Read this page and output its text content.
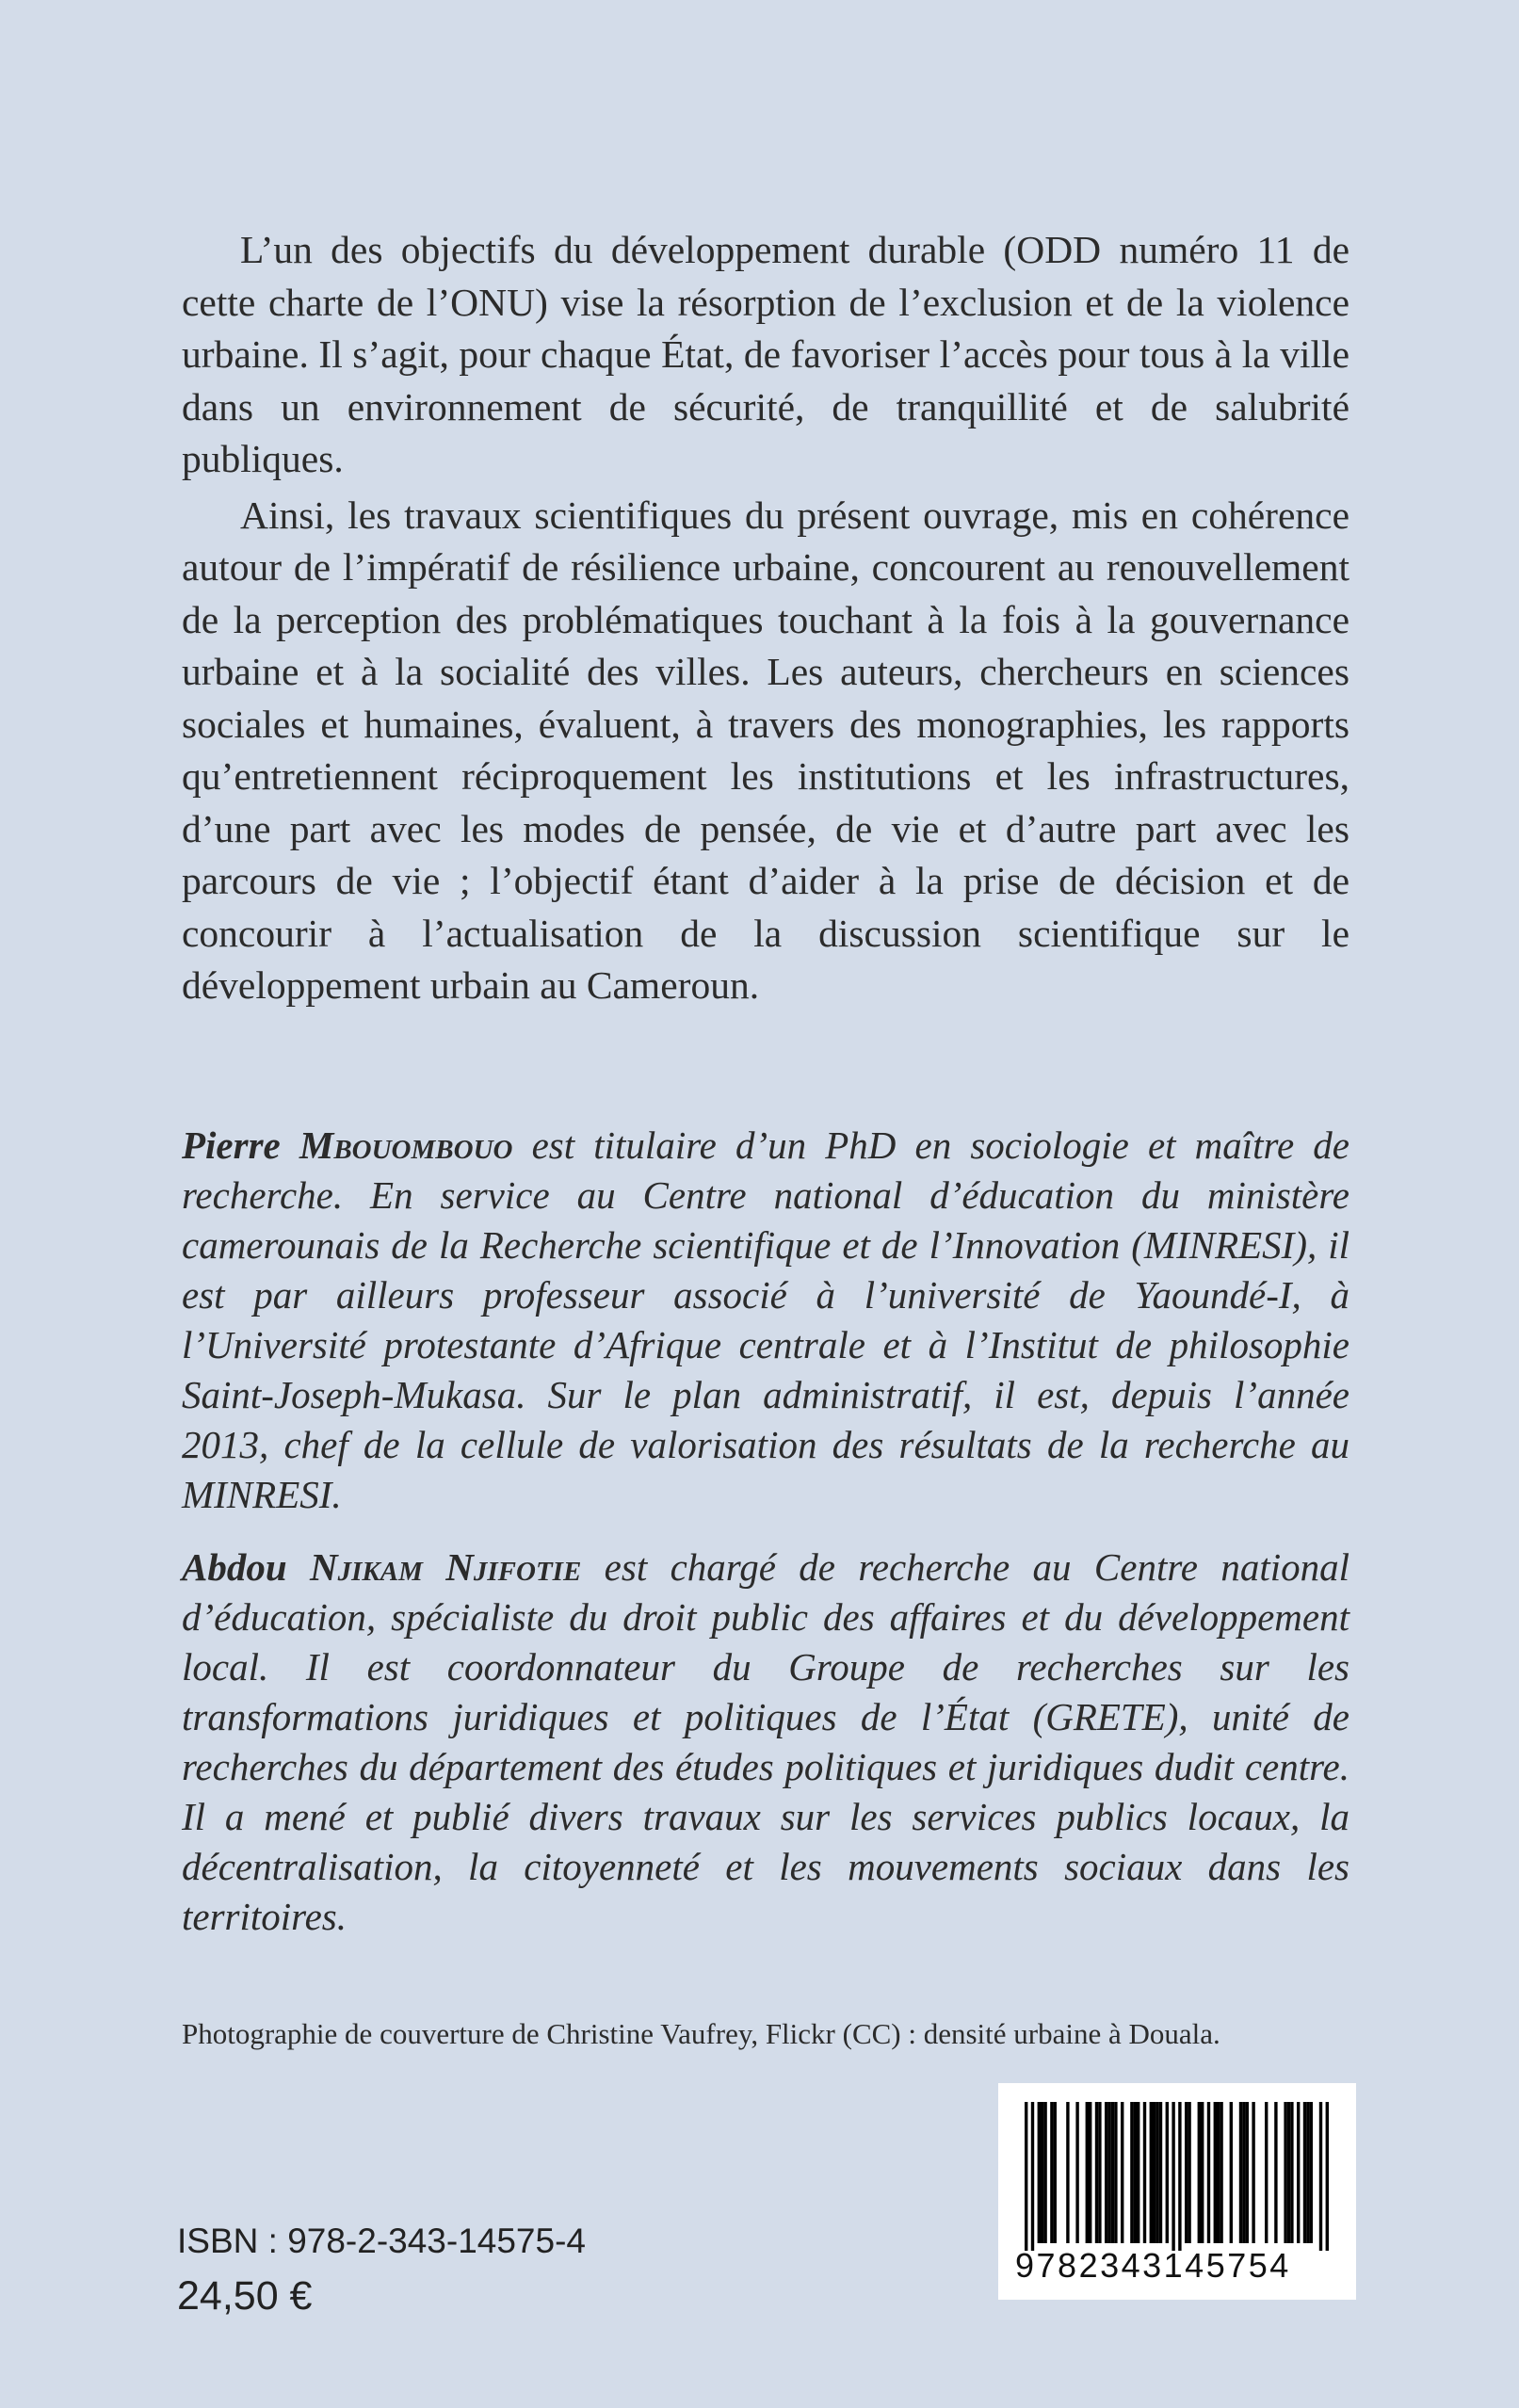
L’un des objectifs du développement durable (ODD numéro 11 de cette charte de l’ONU) vise la résorption de l’exclusion et de la violence urbaine. Il s’agit, pour chaque État, de favoriser l’accès pour tous à la ville dans un environnement de sécurité, de tranquillité et de salubrité publiques.

Ainsi, les travaux scientifiques du présent ouvrage, mis en cohérence autour de l’impératif de résilience urbaine, concourent au renouvellement de la perception des problématiques touchant à la fois à la gouvernance urbaine et à la socialité des villes. Les auteurs, chercheurs en sciences sociales et humaines, évaluent, à travers des monographies, les rapports qu’entretiennent réciproquement les institutions et les infrastructures, d’une part avec les modes de pensée, de vie et d’autre part avec les parcours de vie ; l’objectif étant d’aider à la prise de décision et de concourir à l’actualisation de la discussion scientifique sur le développement urbain au Cameroun.

Pierre Mbouombouo est titulaire d’un PhD en sociologie et maître de recherche. En service au Centre national d’éducation du ministère camerounais de la Recherche scientifique et de l’Innovation (MINRESI), il est par ailleurs professeur associé à l’université de Yaoundé-I, à l’Université protestante d’Afrique centrale et à l’Institut de philosophie Saint-Joseph-Mukasa. Sur le plan administratif, il est, depuis l’année 2013, chef de la cellule de valorisation des résultats de la recherche au MINRESI.

Abdou Njikam Njifotie est chargé de recherche au Centre national d’éducation, spécialiste du droit public des affaires et du développement local. Il est coordonnateur du Groupe de recherches sur les transformations juridiques et politiques de l’État (GRETE), unité de recherches du département des études politiques et juridiques dudit centre. Il a mené et publié divers travaux sur les services publics locaux, la décentralisation, la citoyenneté et les mouvements sociaux dans les territoires.

Photographie de couverture de Christine Vaufrey, Flickr (CC) : densité urbaine à Douala.

9782343145754

ISBN : 978-2-343-14575-4

24,50 €
